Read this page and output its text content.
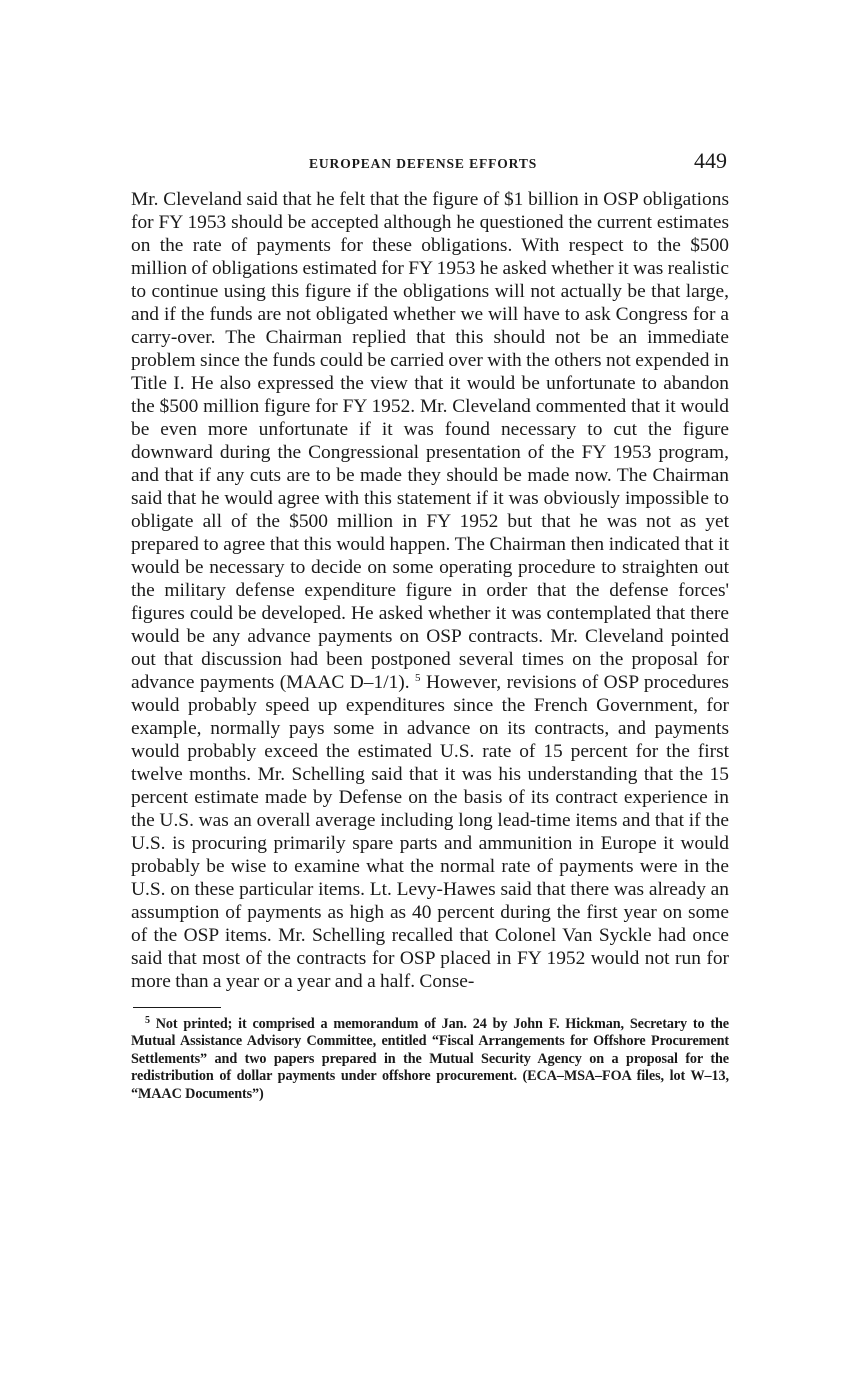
EUROPEAN DEFENSE EFFORTS	449

Mr. Cleveland said that he felt that the figure of $1 billion in OSP obligations for FY 1953 should be accepted although he questioned the current estimates on the rate of payments for these obligations. With respect to the $500 million of obligations estimated for FY 1953 he asked whether it was realistic to continue using this figure if the obligations will not actually be that large, and if the funds are not obligated whether we will have to ask Congress for a carry-over. The Chairman replied that this should not be an immediate problem since the funds could be carried over with the others not expended in Title I. He also expressed the view that it would be unfortunate to abandon the $500 million figure for FY 1952. Mr. Cleveland commented that it would be even more unfortunate if it was found necessary to cut the figure downward during the Congressional presentation of the FY 1953 program, and that if any cuts are to be made they should be made now. The Chairman said that he would agree with this statement if it was obviously impossible to obligate all of the $500 million in FY 1952 but that he was not as yet prepared to agree that this would happen. The Chairman then indicated that it would be necessary to decide on some operating procedure to straighten out the military defense expenditure figure in order that the defense forces' figures could be developed. He asked whether it was contemplated that there would be any advance payments on OSP contracts. Mr. Cleveland pointed out that discussion had been postponed several times on the proposal for advance payments (MAAC D–1/1). $^5$ However, revisions of OSP procedures would probably speed up expenditures since the French Government, for example, normally pays some in advance on its contracts, and payments would probably exceed the estimated U.S. rate of 15 percent for the first twelve months. Mr. Schelling said that it was his understanding that the 15 percent estimate made by Defense on the basis of its contract experience in the U.S. was an overall average including long lead-time items and that if the U.S. is procuring primarily spare parts and ammunition in Europe it would probably be wise to examine what the normal rate of payments were in the U.S. on these particular items. Lt. Levy-Hawes said that there was already an assumption of payments as high as 40 percent during the first year on some of the OSP items. Mr. Schelling recalled that Colonel Van Syckle had once said that most of the contracts for OSP placed in FY 1952 would not run for more than a year or a year and a half. Conse-

$^5$ Not printed; it comprised a memorandum of Jan. 24 by John F. Hickman, Secretary to the Mutual Assistance Advisory Committee, entitled “Fiscal Arrangements for Offshore Procurement Settlements” and two papers prepared in the Mutual Security Agency on a proposal for the redistribution of dollar payments under offshore procurement. (ECA–MSA–FOA files, lot W–13, “MAAC Documents”)
